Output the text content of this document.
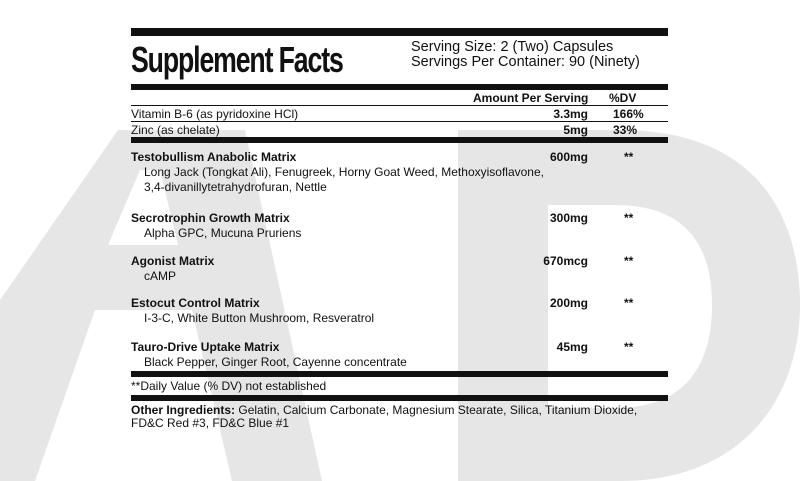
Supplement Facts	Serving Size: 2 (Two) Capsules
Servings Per Container: 90 (Ninety)
Amount Per Serving %DV
Vitamin B-6 (as pyridoxine HCl)	3.3mg 166%
Zinc (as chelate)	5mg 33%
Testobullism Anabolic Matrix	600mg	**
Long Jack (Tongkat Ali), Fenugreek, Horny Goat Weed, Methoxyisoflavone, 3,4-divanillytetrahydrofuran, Nettle
Secrotrophin Growth Matrix	300mg	**
Alpha GPC, Mucuna Pruriens
Agonist Matrix	670mcg	**
cAMP
Estocut Control Matrix	200mg	**
I-3-C, White Button Mushroom, Resveratrol
Tauro-Drive Uptake Matrix	45mg	**
Black Pepper, Ginger Root, Cayenne concentrate
**Daily Value (% DV) not established
Other Ingredients: Gelatin, Calcium Carbonate, Magnesium Stearate, Silica, Titanium Dioxide, FD&C Red #3, FD&C Blue #1
